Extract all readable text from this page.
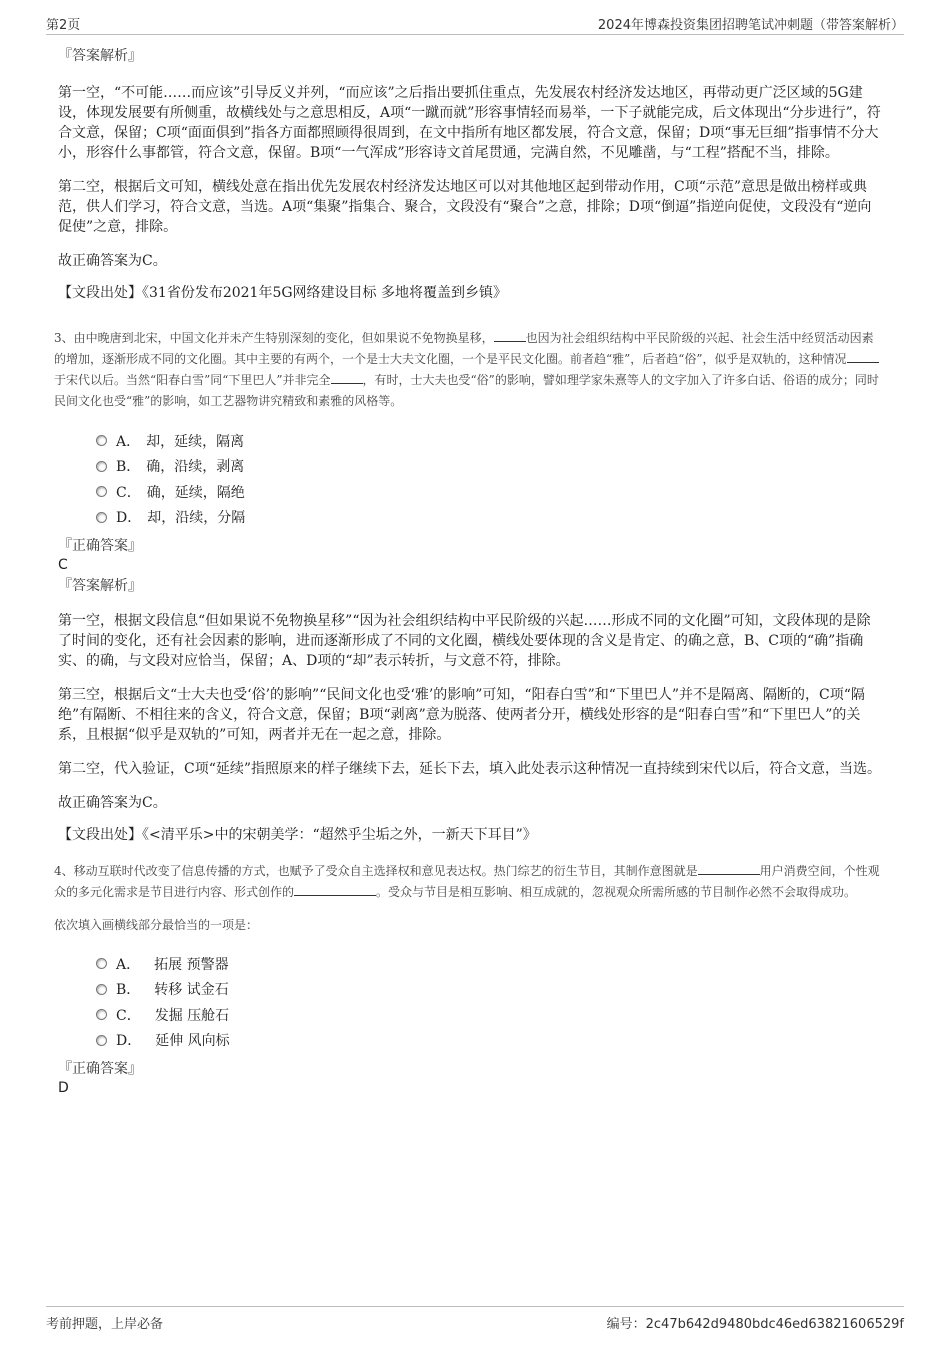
第2页	2024年博森投资集团招聘笔试冲刺题（带答案解析）

『答案解析』

第一空，“不可能……而应该”引导反义并列，“而应该”之后指出要抓住重点，先发展农村经济发达地区，再带动更广泛区域的5G建设，体现发展要有所侧重，故横线处与之意思相反，A项“一蹴而就”形容事情轻而易举，一下子就能完成，后文体现出“分步进行”，符合文意，保留；C项“面面俱到”指各方面都照顾得很周到，在文中指所有地区都发展，符合文意，保留；D项“事无巨细”指事情不分大小，形容什么事都管，符合文意，保留。B项“一气浑成”形容诗文首尾贯通，完满自然，不见雕凿，与“工程”搭配不当，排除。

第二空，根据后文可知，横线处意在指出优先发展农村经济发达地区可以对其他地区起到带动作用，C项“示范”意思是做出榜样或典范，供人们学习，符合文意，当选。A项“集聚”指集合、聚合，文段没有“聚合”之意，排除；D项“倒逼”指逆向促使，文段没有“逆向促使”之意，排除。

故正确答案为C。

【文段出处】《31省份发布2021年5G网络建设目标 多地将覆盖到乡镇》

3、由中晚唐到北宋，中国文化并未产生特别深刻的变化，但如果说不免物换星移，	也因为社会组织结构中平民阶级的兴起、社会生活中经贸活动因素的增加，逐渐形成不同的文化圈。其中主要的有两个，一个是士大夫文化圈，一个是平民文化圈。前者趋“雅”，后者趋“俗”，似乎是双轨的，这种情况于宋代以后。当然“阳春白雪”同“下里巴人”并非完全	，有时，士大夫也受“俗”的影响，譬如理学家朱熹等人的文字加入了许多白话、俗语的成分；同时民间文化也受“雅”的影响，如工艺器物讲究精致和素雅的风格等。

A． 却，延续，隔离
B． 确，沿续，剥离
C． 确，延续，隔绝
D． 却，沿续，分隔

『正确答案』

C

『答案解析』

第一空，根据文段信息“但如果说不免物换星移”“因为社会组织结构中平民阶级的兴起……形成不同的文化圈”可知，文段体现的是除了时间的变化，还有社会因素的影响，进而逐渐形成了不同的文化圈，横线处要体现的含义是肯定、的确之意，B、C项的“确”指确实、的确，与文段对应恰当，保留；A、D项的“却”表示转折，与文意不符，排除。

第三空，根据后文“士大夫也受‘俗’的影响”“民间文化也受‘雅’的影响”可知，“阳春白雪”和“下里巴人”并不是隔离、隔断的，C项“隔绝”有隔断、不相往来的含义，符合文意，保留；B项“剥离”意为脱落、使两者分开，横线处形容的是“阳春白雪”和“下里巴人”的关系，且根据“似乎是双轨的”可知，两者并无在一起之意，排除。

第二空，代入验证，C项“延续”指照原来的样子继续下去，延长下去，填入此处表示这种情况一直持续到宋代以后，符合文意，当选。

故正确答案为C。

【文段出处】《<清平乐>中的宋朝美学：“超然乎尘垢之外，一新天下耳目”》

4、移动互联时代改变了信息传播的方式，也赋予了受众自主选择权和意见表达权。热门综艺的衍生节目，其制作意图就是	用户消费空间，个性观众的多元化需求是节目进行内容、形式创作的	。受众与节目是相互影响、相互成就的，忽视观众所需所感的节目制作必然不会取得成功。

依次填入画横线部分最恰当的一项是：

A． 拓展 预警器
B． 转移 试金石
C． 发掘 压舱石
D． 延伸 风向标

『正确答案』

D

考前押题，上岸必备	编号：2c47b642d9480bdc46ed63821606529f
